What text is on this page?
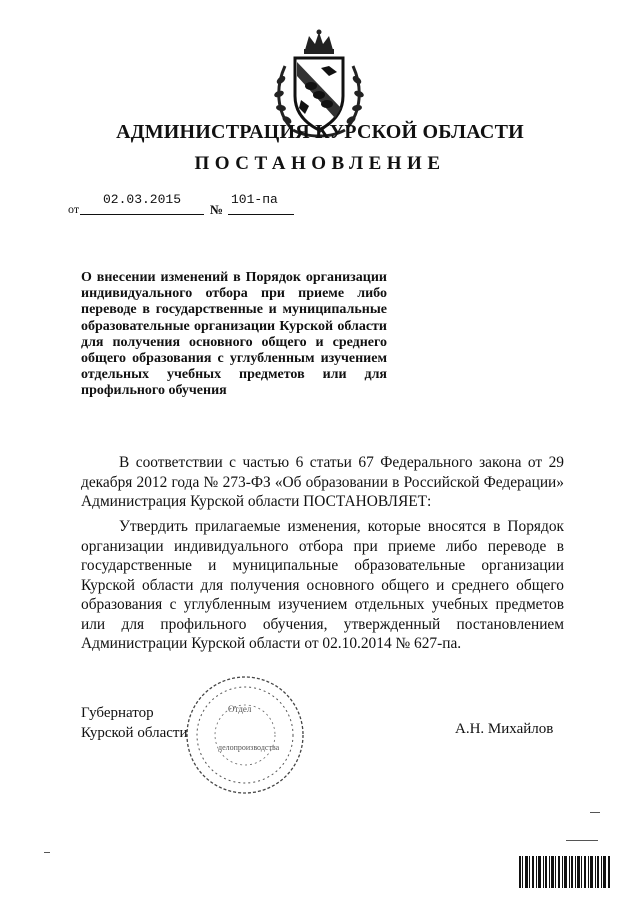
АДМИНИСТРАЦИЯ КУРСКОЙ ОБЛАСТИ
ПОСТАНОВЛЕНИЕ
от
02.03.2015
№
101-па
О внесении изменений в Порядок организации индивидуального отбора при приеме либо переводе в государственные и муниципальные образовательные организации Курской области для получения основного общего и среднего общего образования с углубленным изучением отдельных учебных предметов или для профильного обучения
В соответствии с частью 6 статьи 67 Федерального закона от 29 декабря 2012 года № 273-ФЗ «Об образовании в Российской Федерации» Администрация Курской области ПОСТАНОВЛЯЕТ:
Утвердить прилагаемые изменения, которые вносятся в Порядок организации индивидуального отбора при приеме либо переводе в государственные и муниципальные образовательные организации Курской области для получения основного общего и среднего общего образования с углубленным изучением отдельных учебных предметов или для профильного обучения, утвержденный постановлением Администрации Курской области от 02.10.2014 № 627-па.
Губернатор
Курской области	А.Н. Михайлов
Отдел
делопроизводства
